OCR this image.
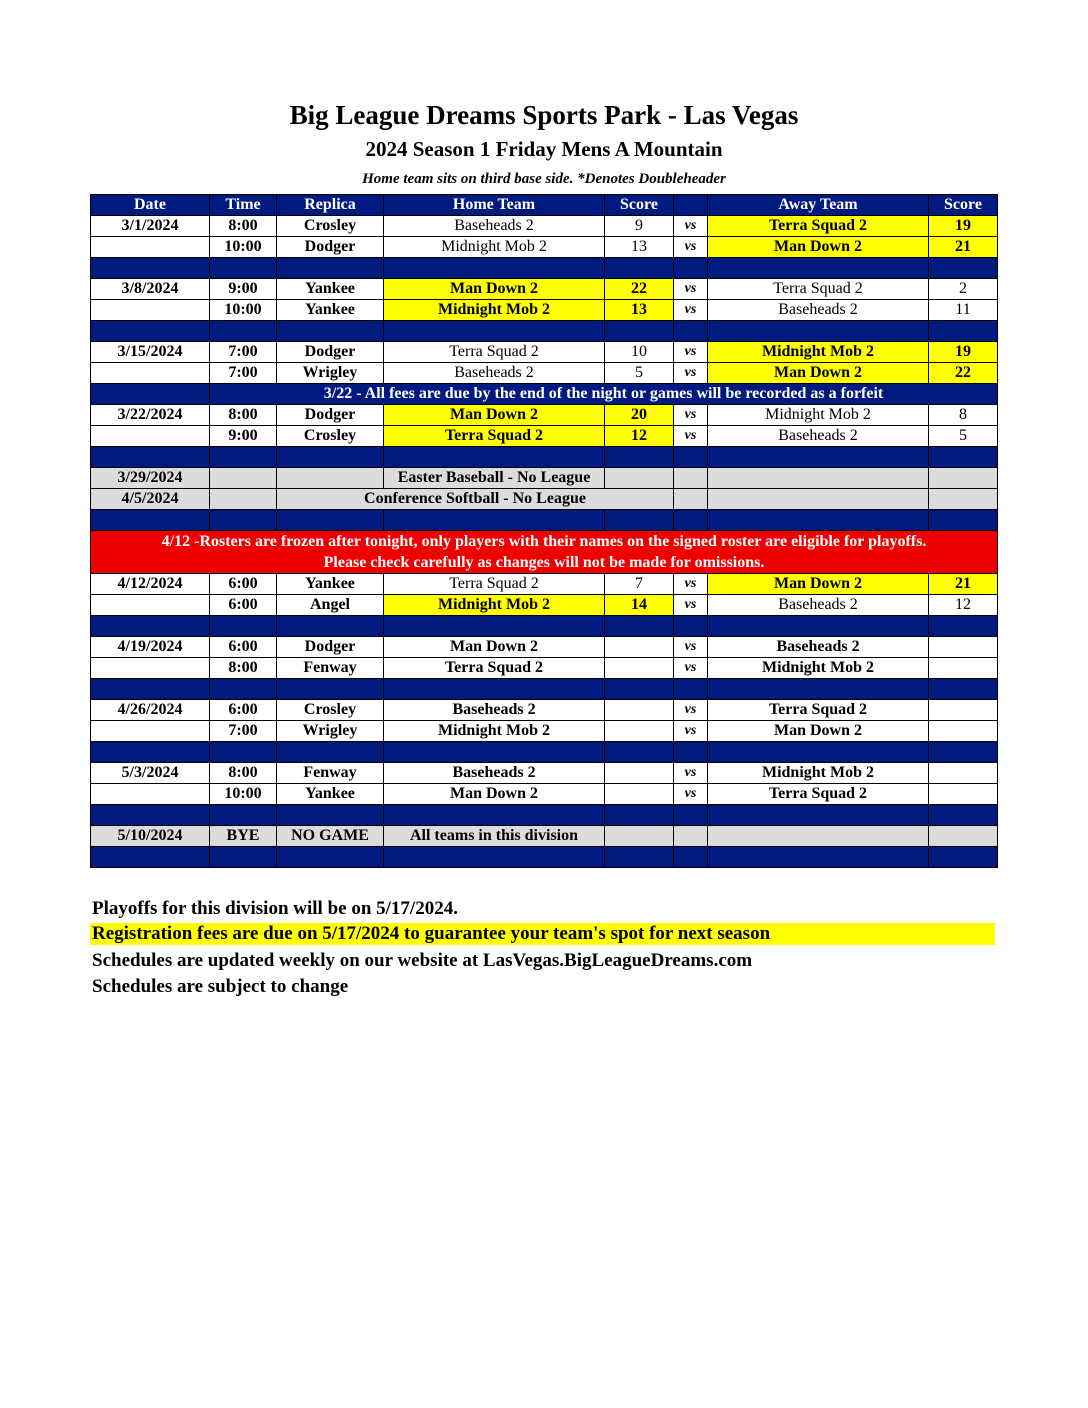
Big League Dreams Sports Park - Las Vegas
2024 Season 1 Friday Mens A Mountain
Home team sits on third base side. *Denotes Doubleheader
Date	Time	Replica	Home Team	Score		Away Team	Score
3/1/2024	8:00	Crosley	Baseheads 2	9	vs	Terra Squad 2	19
	10:00	Dodger	Midnight Mob 2	13	vs	Man Down 2	21

3/8/2024	9:00	Yankee	Man Down 2	22	vs	Terra Squad 2	2
	10:00	Yankee	Midnight Mob 2	13	vs	Baseheads 2	11

3/15/2024	7:00	Dodger	Terra Squad 2	10	vs	Midnight Mob 2	19
	7:00	Wrigley	Baseheads 2	5	vs	Man Down 2	22
	3/22 - All fees are due by the end of the night or games will be recorded as a forfeit						
3/22/2024	8:00	Dodger	Man Down 2	20	vs	Midnight Mob 2	8
	9:00	Crosley	Terra Squad 2	12	vs	Baseheads 2	5

3/29/2024			Easter Baseball - No League				
4/5/2024		Conference Softball - No League					

4/12 -Rosters are frozen after tonight, only players with their names on the signed roster are eligible for playoffs.
Please check carefully as changes will not be made for omissions.							

4/12/2024	6:00	Yankee	Terra Squad 2	7	vs	Man Down 2	21
	6:00	Angel	Midnight Mob 2	14	vs	Baseheads 2	12

4/19/2024	6:00	Dodger	Man Down 2		vs	Baseheads 2	
	8:00	Fenway	Terra Squad 2		vs	Midnight Mob 2	

4/26/2024	6:00	Crosley	Baseheads 2		vs	Terra Squad 2	
	7:00	Wrigley	Midnight Mob 2		vs	Man Down 2	

5/3/2024	8:00	Fenway	Baseheads 2		vs	Midnight Mob 2	
	10:00	Yankee	Man Down 2		vs	Terra Squad 2	

5/10/2024	BYE	NO GAME	All teams in this division				

Playoffs for this division will be on 5/17/2024.
Registration fees are due on 5/17/2024 to guarantee your team's spot for next season
Schedules are updated weekly on our website at LasVegas.BigLeagueDreams.com
Schedules are subject to change
